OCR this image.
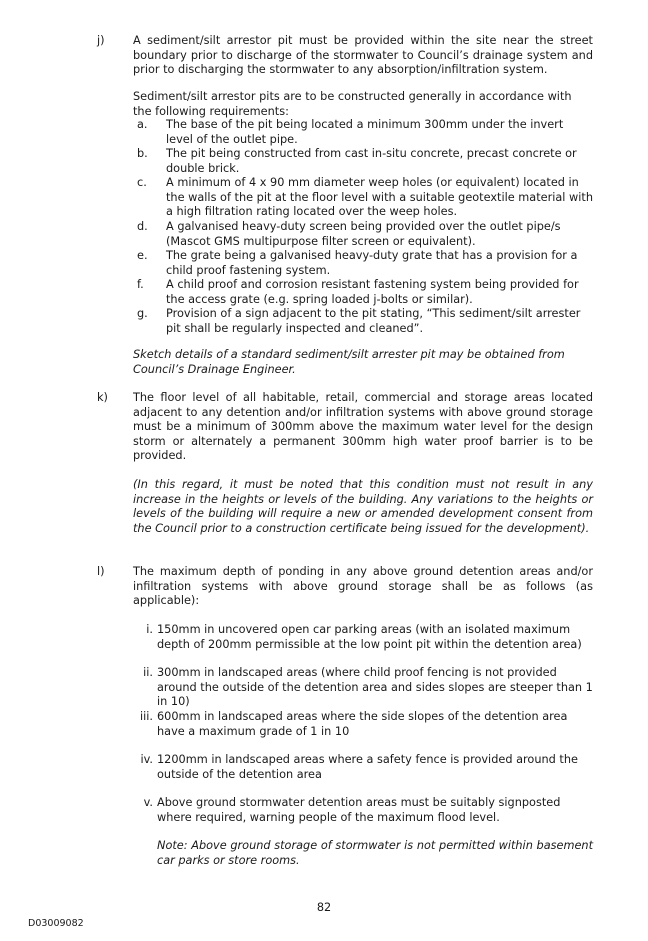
j)	A sediment/silt arrestor pit must be provided within the site near the street boundary prior to discharge of the stormwater to Council’s drainage system and prior to discharging the stormwater to any absorption/infiltration system.

Sediment/silt arrestor pits are to be constructed generally in accordance with the following requirements:

a.	The base of the pit being located a minimum 300mm under the invert level of the outlet pipe.
b.	The pit being constructed from cast in-situ concrete, precast concrete or double brick.
c.	A minimum of 4 x 90 mm diameter weep holes (or equivalent) located in the walls of the pit at the floor level with a suitable geotextile material with a high filtration rating located over the weep holes.
d.	A galvanised heavy-duty screen being provided over the outlet pipe/s (Mascot GMS multipurpose filter screen or equivalent).
e.	The grate being a galvanised heavy-duty grate that has a provision for a child proof fastening system.
f.	A child proof and corrosion resistant fastening system being provided for the access grate (e.g. spring loaded j-bolts or similar).
g.	Provision of a sign adjacent to the pit stating, “This sediment/silt arrester pit shall be regularly inspected and cleaned”.

Sketch details of a standard sediment/silt arrester pit may be obtained from Council’s Drainage Engineer.

k) The floor level of all habitable, retail, commercial and storage areas located adjacent to any detention and/or infiltration systems with above ground storage must be a minimum of 300mm above the maximum water level for the design storm or alternately a permanent 300mm high water proof barrier is to be provided.

(In this regard, it must be noted that this condition must not result in any increase in the heights or levels of the building. Any variations to the heights or levels of the building will require a new or amended development consent from the Council prior to a construction certificate being issued for the development).

l)	The maximum depth of ponding in any above ground detention areas and/or infiltration systems with above ground storage shall be as follows (as applicable):

i. 150mm in uncovered open car parking areas (with an isolated maximum depth of 200mm permissible at the low point pit within the detention area)
ii. 300mm in landscaped areas (where child proof fencing is not provided around the outside of the detention area and sides slopes are steeper than 1 in 10)
iii. 600mm in landscaped areas where the side slopes of the detention area have a maximum grade of 1 in 10
iv. 1200mm in landscaped areas where a safety fence is provided around the outside of the detention area
v. Above ground stormwater detention areas must be suitably signposted where required, warning people of the maximum flood level.

Note: Above ground storage of stormwater is not permitted within basement car parks or store rooms.

82
D03009082
